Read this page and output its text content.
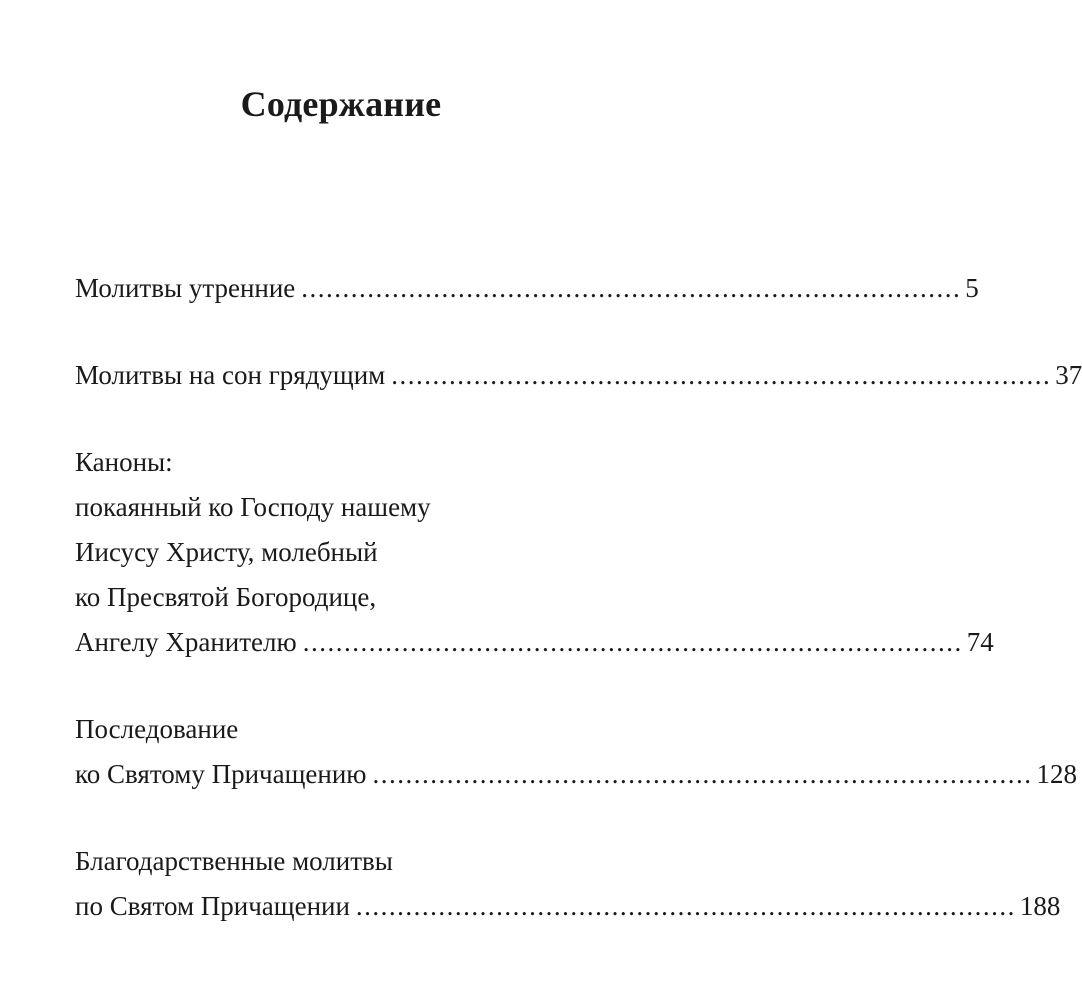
Содержание
Молитвы утренние ................................................................................ 5
Молитвы на сон грядущим ................................................................................ 37
Каноны:
покаянный ко Господу нашему
Иисусу Христу, молебный
ко Пресвятой Богородице,
Ангелу Хранителю ................................................................................ 74
Последование
ко Святому Причащению ................................................................................ 128
Благодарственные молитвы
по Святом Причащении ................................................................................ 188
